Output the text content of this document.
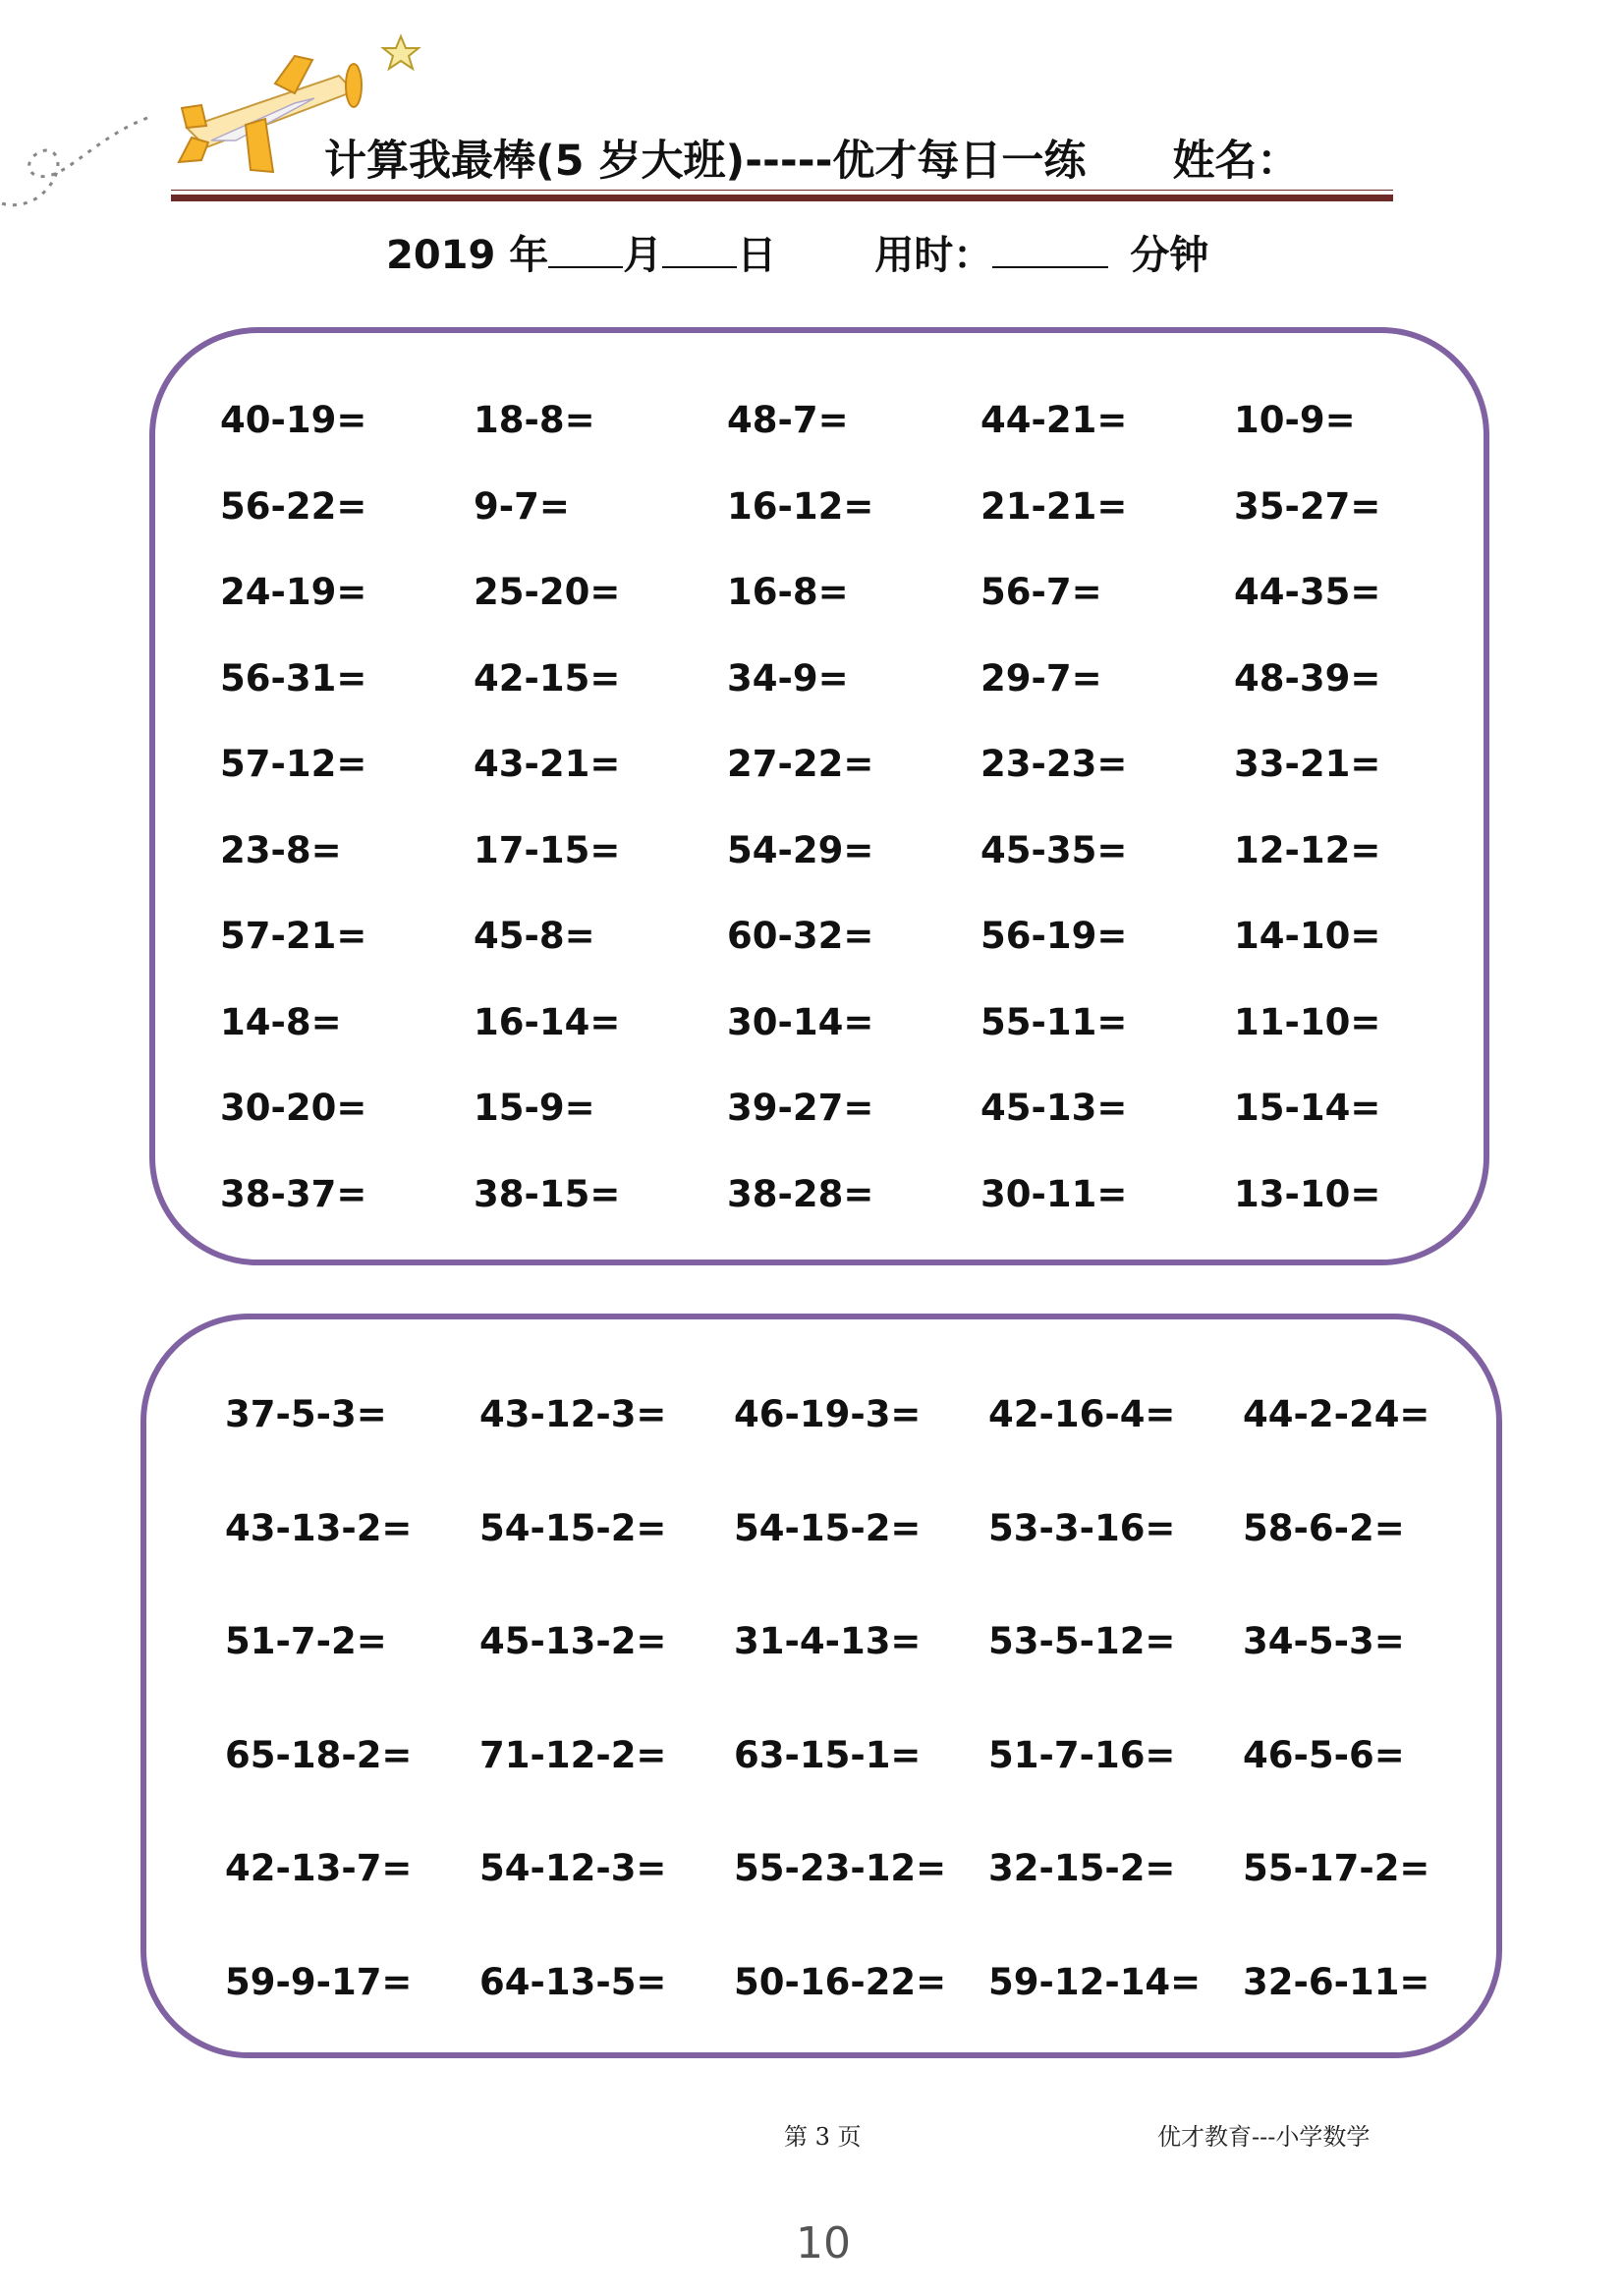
计算我最棒(5 岁大班)-----优才每日一练 姓名：
2019 年 月 日	用时：	分钟
40-19=	18-8=	48-7=	44-21=	10-9=
56-22=	9-7=	16-12=	21-21=	35-27=
24-19=	25-20=	16-8=	56-7=	44-35=
56-31=	42-15=	34-9=	29-7=	48-39=
57-12=	43-21=	27-22=	23-23=	33-21=
23-8=	17-15=	54-29=	45-35=	12-12=
57-21=	45-8=	60-32=	56-19=	14-10=
14-8=	16-14=	30-14=	55-11=	11-10=
30-20=	15-9=	39-27=	45-13=	15-14=
38-37=	38-15=	38-28=	30-11=	13-10=
37-5-3=	43-12-3=	46-19-3=	42-16-4=	44-2-24=
43-13-2=	54-15-2=	54-15-2=	53-3-16=	58-6-2=
51-7-2=	45-13-2=	31-4-13=	53-5-12=	34-5-3=
65-18-2=	71-12-2=	63-15-1=	51-7-16=	46-5-6=
42-13-7=	54-12-3=	55-23-12=	32-15-2=	55-17-2=
59-9-17=	64-13-5=	50-16-22=	59-12-14=	32-6-11=
第 3 页	优才教育---小学数学
10
